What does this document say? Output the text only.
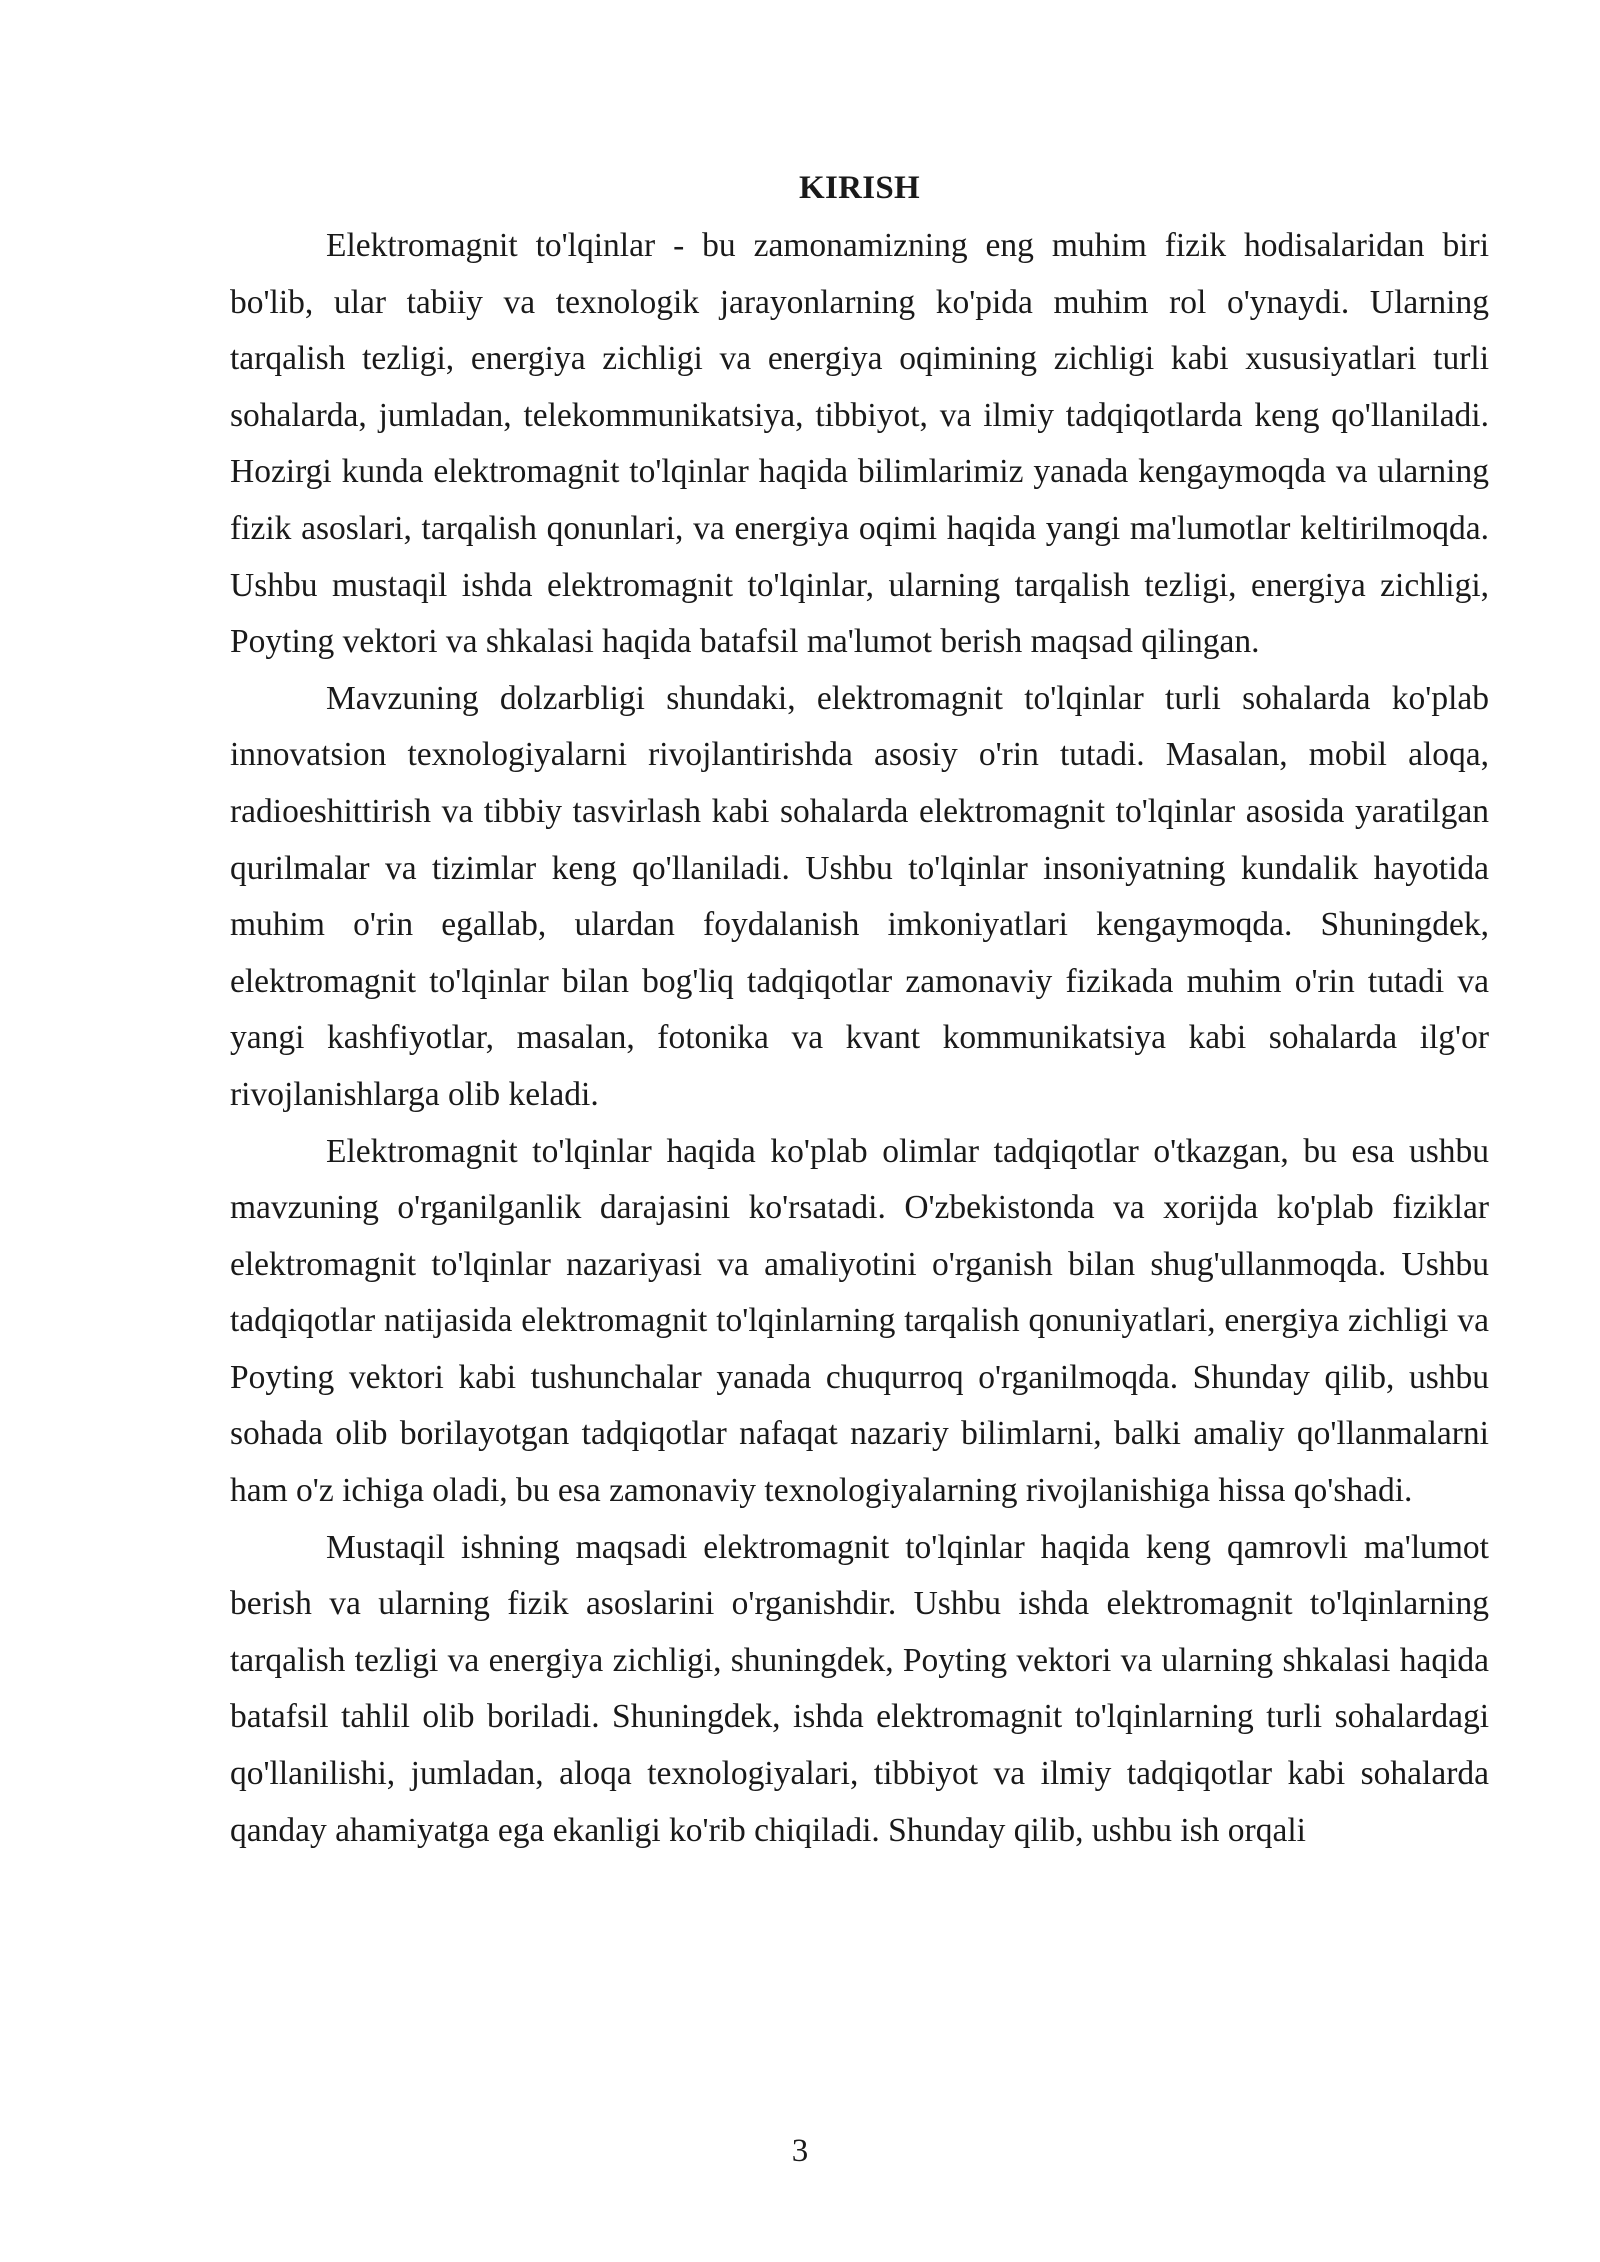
KIRISH

Elektromagnit to'lqinlar - bu zamonamizning eng muhim fizik hodisalaridan biri bo'lib, ular tabiiy va texnologik jarayonlarning ko'pida muhim rol o'ynaydi. Ularning tarqalish tezligi, energiya zichligi va energiya oqimining zichligi kabi xususiyatlari turli sohalarda, jumladan, telekommunikatsiya, tibbiyot, va ilmiy tadqiqotlarda keng qo'llaniladi. Hozirgi kunda elektromagnit to'lqinlar haqida bilimlarimiz yanada kengaymoqda va ularning fizik asoslari, tarqalish qonunlari, va energiya oqimi haqida yangi ma'lumotlar keltirilmoqda. Ushbu mustaqil ishda elektromagnit to'lqinlar, ularning tarqalish tezligi, energiya zichligi, Poyting vektori va shkalasi haqida batafsil ma'lumot berish maqsad qilingan.

Mavzuning dolzarbligi shundaki, elektromagnit to'lqinlar turli sohalarda ko'plab innovatsion texnologiyalarni rivojlantirishda asosiy o'rin tutadi. Masalan, mobil aloqa, radioeshittirish va tibbiy tasvirlash kabi sohalarda elektromagnit to'lqinlar asosida yaratilgan qurilmalar va tizimlar keng qo'llaniladi. Ushbu to'lqinlar insoniyatning kundalik hayotida muhim o'rin egallab, ulardan foydalanish imkoniyatlari kengaymoqda. Shuningdek, elektromagnit to'lqinlar bilan bog'liq tadqiqotlar zamonaviy fizikada muhim o'rin tutadi va yangi kashfiyotlar, masalan, fotonika va kvant kommunikatsiya kabi sohalarda ilg'or rivojlanishlarga olib keladi.

Elektromagnit to'lqinlar haqida ko'plab olimlar tadqiqotlar o'tkazgan, bu esa ushbu mavzuning o'rganilganlik darajasini ko'rsatadi. O'zbekistonda va xorijda ko'plab fiziklar elektromagnit to'lqinlar nazariyasi va amaliyotini o'rganish bilan shug'ullanmoqda. Ushbu tadqiqotlar natijasida elektromagnit to'lqinlarning tarqalish qonuniyatlari, energiya zichligi va Poyting vektori kabi tushunchalar yanada chuqurroq o'rganilmoqda. Shunday qilib, ushbu sohada olib borilayotgan tadqiqotlar nafaqat nazariy bilimlarni, balki amaliy qo'llanmalarni ham o'z ichiga oladi, bu esa zamonaviy texnologiyalarning rivojlanishiga hissa qo'shadi.

Mustaqil ishning maqsadi elektromagnit to'lqinlar haqida keng qamrovli ma'lumot berish va ularning fizik asoslarini o'rganishdir. Ushbu ishda elektromagnit to'lqinlarning tarqalish tezligi va energiya zichligi, shuningdek, Poyting vektori va ularning shkalasi haqida batafsil tahlil olib boriladi. Shuningdek, ishda elektromagnit to'lqinlarning turli sohalardagi qo'llanilishi, jumladan, aloqa texnologiyalari, tibbiyot va ilmiy tadqiqotlar kabi sohalarda qanday ahamiyatga ega ekanligi ko'rib chiqiladi. Shunday qilib, ushbu ish orqali

3
